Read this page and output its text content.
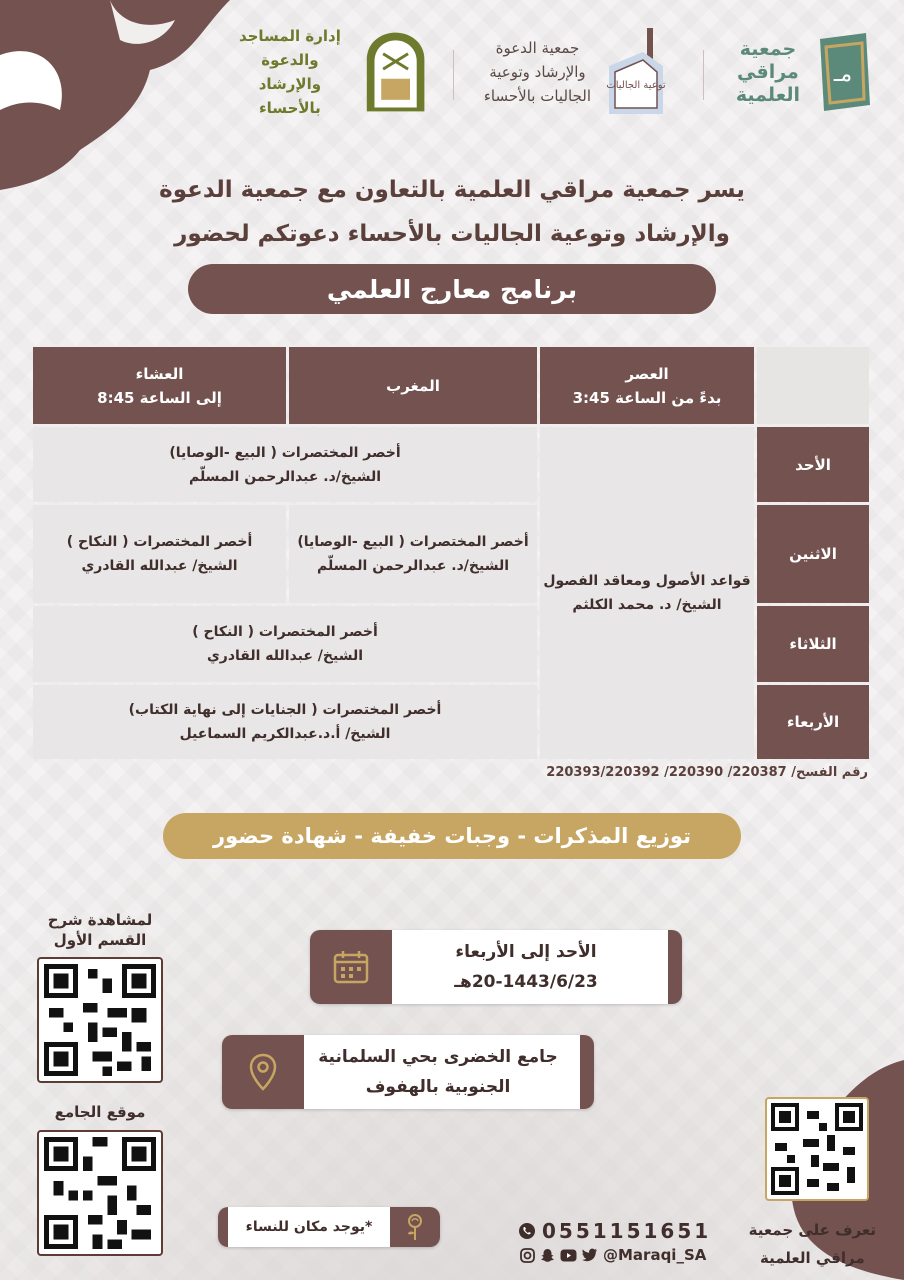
مـ
جمعية
مراقي
العلمية
توعية الجاليات
جمعية الدعوة
والإرشاد وتوعية
الجاليات بالأحساء
إدارة المساجد
والدعوة والإرشاد
بالأحساء
يسر جمعية مراقي العلمية بالتعاون مع جمعية الدعوة
والإرشاد وتوعية الجاليات بالأحساء دعوتكم لحضور
برنامج معارج العلمي
العصر
بدءً من الساعة 3:45
المغرب
العشاء
إلى الساعة 8:45
الأحد
الاثنين
الثلاثاء
الأربعاء
قواعد الأصول ومعاقد الفصول
الشيخ/ د. محمد الكلثم
أخصر المختصرات ( البيع -الوصايا)
الشيخ/د. عبدالرحمن المسلّم
أخصر المختصرات ( البيع -الوصايا)
الشيخ/د. عبدالرحمن المسلّم
أخصر المختصرات ( النكاح )
الشيخ/ عبدالله القادري
أخصر المختصرات ( النكاح )
الشيخ/ عبدالله القادري
أخصر المختصرات ( الجنايات إلى نهاية الكتاب)
الشيخ/ أ.د.عبدالكريم السماعيل
رقم الفسح/ 220387/ 220390/ 220393/220392
توزيع المذكرات - وجبات خفيفة - شهادة حضور
الأحد إلى الأربعاء
20-1443/6/23هـ
جامع الخضرى بحي السلمانية
الجنوبية بالهفوف
لمشاهدة شرح
القسم الأول
موقع الجامع
*يوجد مكان للنساء	0551151651
@Maraqi_SA
تعرف على جمعية
مراقي العلمية
